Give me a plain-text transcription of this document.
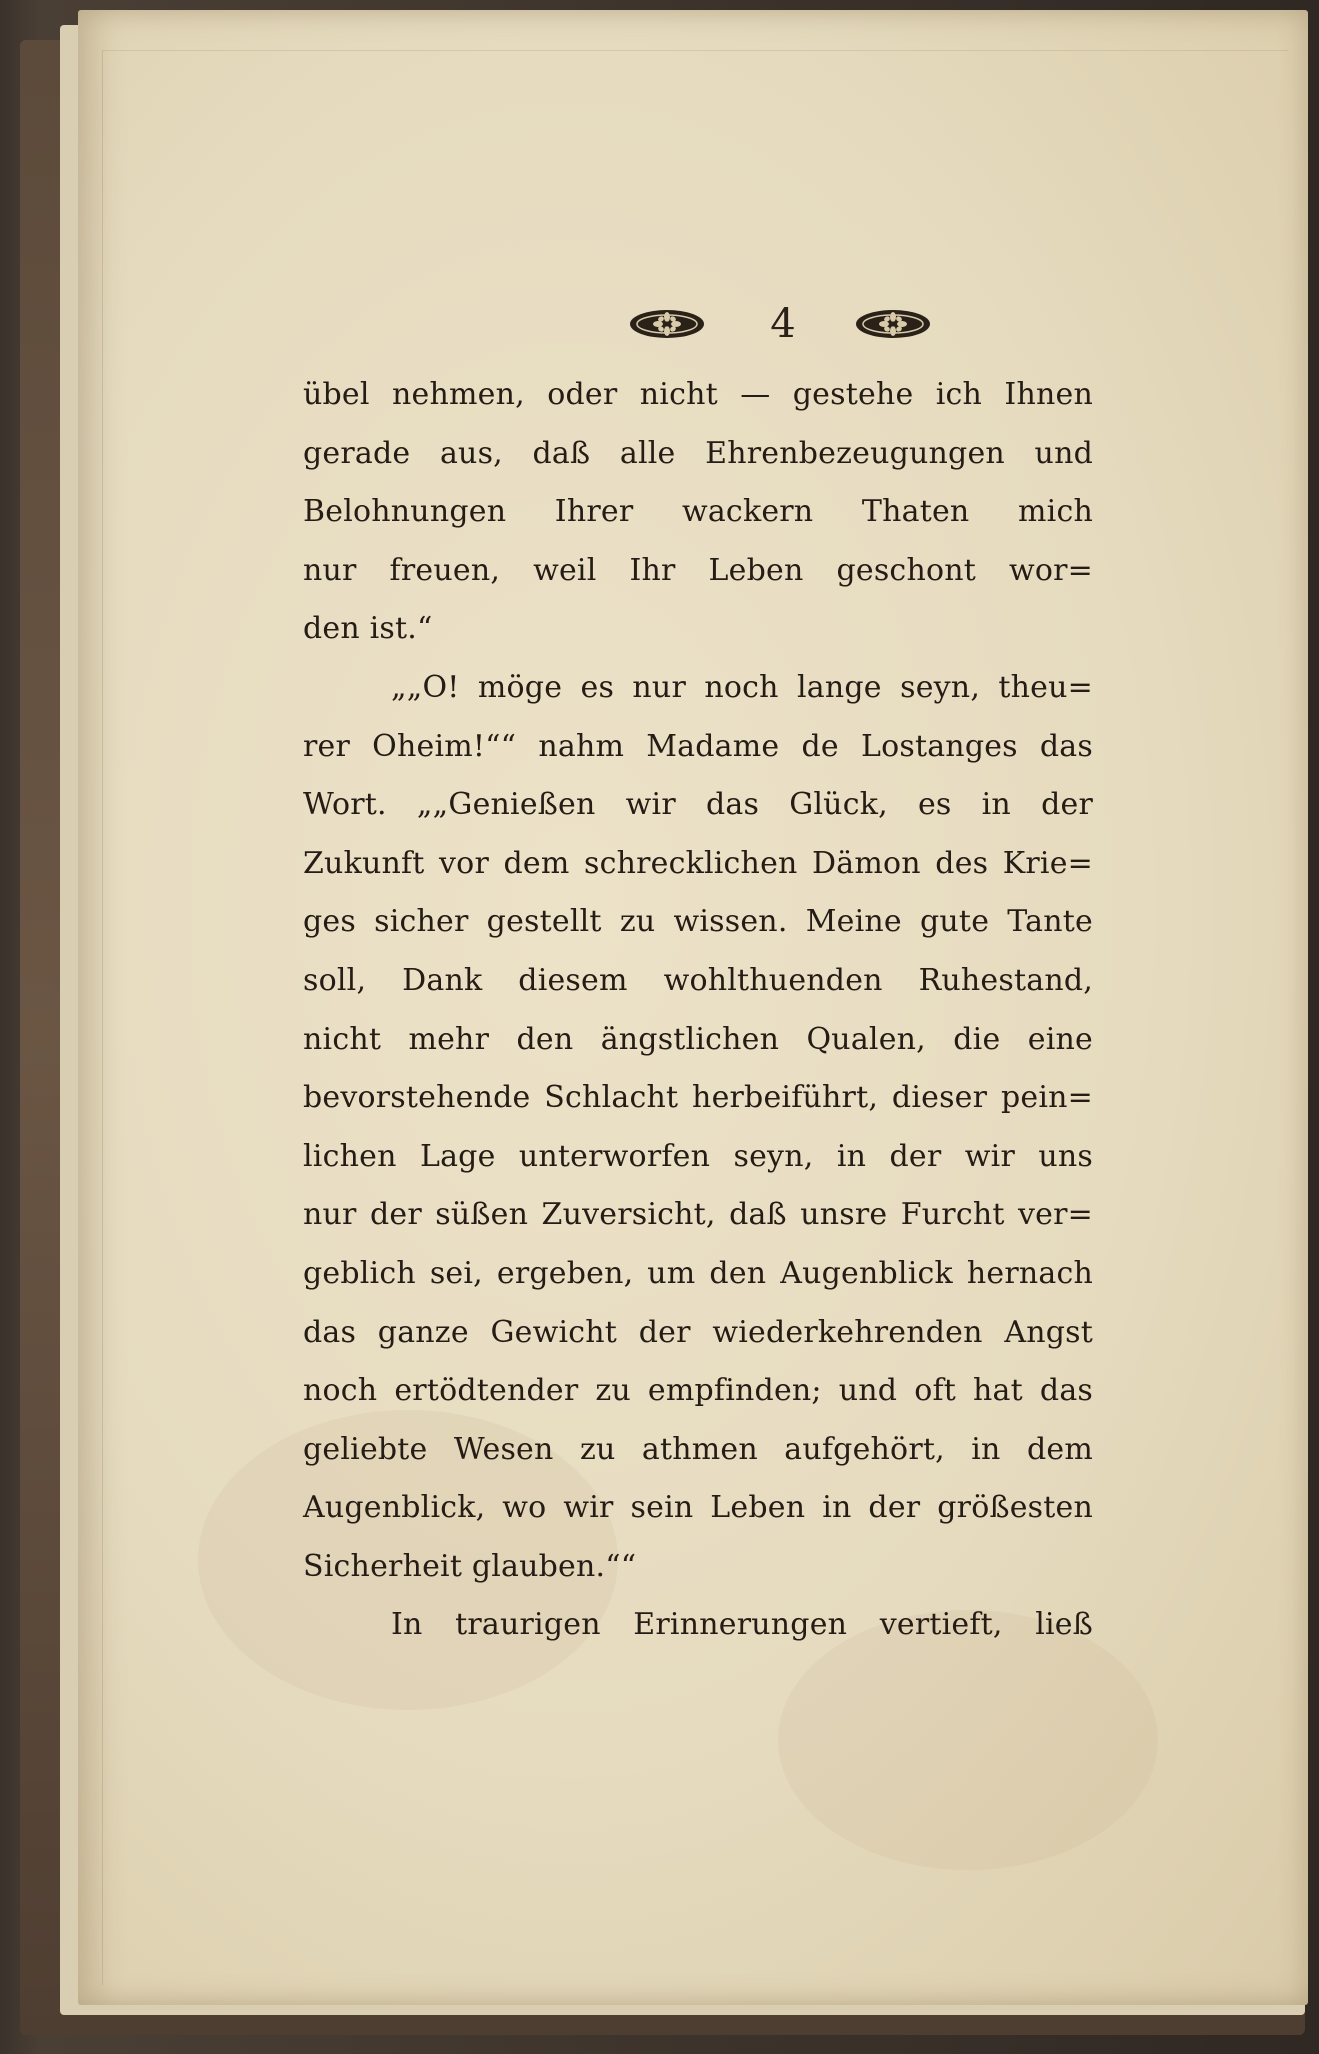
4
übel nehmen, oder nicht — gestehe ich Ihnen
gerade aus, daß alle Ehrenbezeugungen und
Belohnungen Ihrer wackern Thaten mich
nur freuen, weil Ihr Leben geschont wor=
den ist.“
„„O! möge es nur noch lange seyn, theu=
rer Oheim!““ nahm Madame de Lostanges das
Wort. „„Genießen wir das Glück, es in der
Zukunft vor dem schrecklichen Dämon des Krie=
ges sicher gestellt zu wissen. Meine gute Tante
soll, Dank diesem wohlthuenden Ruhestand,
nicht mehr den ängstlichen Qualen, die eine
bevorstehende Schlacht herbeiführt, dieser pein=
lichen Lage unterworfen seyn, in der wir uns
nur der süßen Zuversicht, daß unsre Furcht ver=
geblich sei, ergeben, um den Augenblick hernach
das ganze Gewicht der wiederkehrenden Angst
noch ertödtender zu empfinden; und oft hat das
geliebte Wesen zu athmen aufgehört, in dem
Augenblick, wo wir sein Leben in der größesten
Sicherheit glauben.““
In traurigen Erinnerungen vertieft, ließ
